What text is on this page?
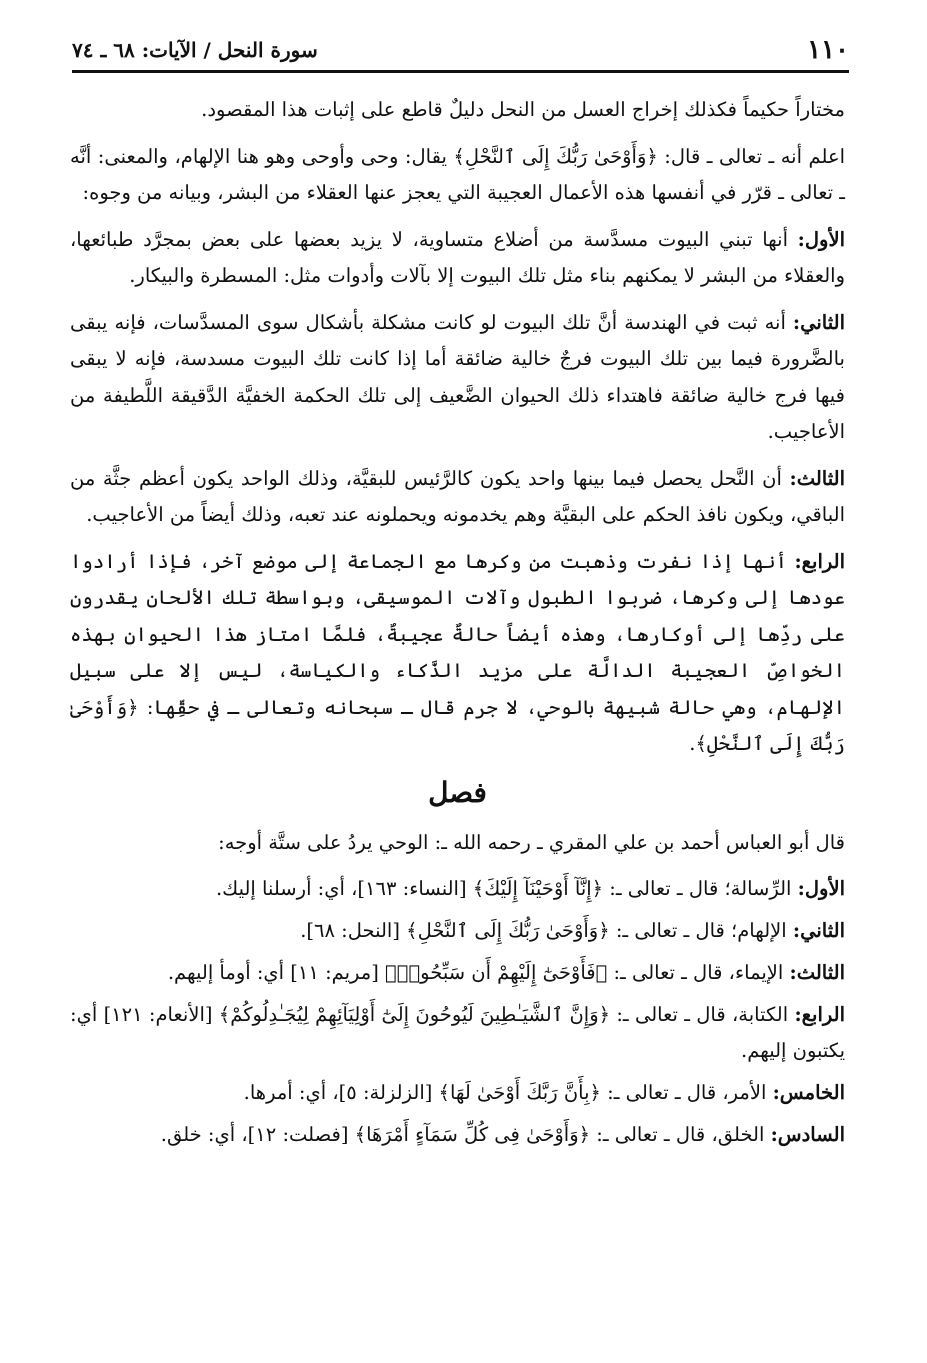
١١٠
سورة النحل / الآيات: ٦٨ ـ ٧٤

مختاراً حكيماً فكذلك إخراج العسل من النحل دليلٌ قاطع على إثبات هذا المقصود.

اعلم أنه ـ تعالى ـ قال: ﴿وَأَوْحَىٰ رَبُّكَ إِلَى ٱلنَّحْلِ﴾ يقال: وحى وأوحى وهو هنا الإلهام، والمعنى: أنَّه ـ تعالى ـ قرّر في أنفسها هذه الأعمال العجيبة التي يعجز عنها العقلاء من البشر، وبيانه من وجوه:

الأول: أنها تبني البيوت مسدَّسة من أضلاع متساوية، لا يزيد بعضها على بعض بمجرَّد طبائعها، والعقلاء من البشر لا يمكنهم بناء مثل تلك البيوت إلا بآلات وأدوات مثل: المسطرة والبيكار.

الثاني: أنه ثبت في الهندسة أنَّ تلك البيوت لو كانت مشكلة بأشكال سوى المسدَّسات، فإنه يبقى بالضَّرورة فيما بين تلك البيوت فرجٌ خالية ضائقة أما إذا كانت تلك البيوت مسدسة، فإنه لا يبقى فيها فرج خالية ضائقة فاهتداء ذلك الحيوان الضَّعيف إلى تلك الحكمة الخفيَّة الدَّقيقة اللَّطيفة من الأعاجيب.

الثالث: أن النَّحل يحصل فيما بينها واحد يكون كالرَّئيس للبقيَّة، وذلك الواحد يكون أعظم جثَّة من الباقي، ويكون نافذ الحكم على البقيَّة وهم يخدمونه ويحملونه عند تعبه، وذلك أيضاً من الأعاجيب.

الرابع: أنها إذا نفرت وذهبت من وكرها مع الجماعة إلى موضع آخر، فإذا أرادوا عودها إلى وكرها، ضربوا الطبول وآلات الموسيقى، وبواسطة تلك الألحان يقدرون على ردِّها إلى أوكارها، وهذه أيضاً حالةٌ عجيبةٌ، فلمَّا امتاز هذا الحيوان بهذه الخواصِّ العجيبة الدالَّة على مزيد الذَّكاء والكياسة، ليس إلا على سبيل الإلهام، وهي حالة شبيهة بالوحي، لا جرم قال ـ سبحانه وتعالى ـ في حقِّها: ﴿وَأَوْحَىٰ رَبُّكَ إِلَى ٱلنَّحْلِ﴾.

فصل

قال أبو العباس أحمد بن علي المقري ـ رحمه الله ـ: الوحي يردُ على ستَّة أوجه:

الأول: الرِّسالة؛ قال ـ تعالى ـ: ﴿إِنَّآ أَوْحَيْنَآ إِلَيْكَ﴾ [النساء: ١٦٣]، أي: أرسلنا إليك.

الثاني: الإلهام؛ قال ـ تعالى ـ: ﴿وَأَوْحَىٰ رَبُّكَ إِلَى ٱلنَّحْلِ﴾ [النحل: ٦٨].

الثالث: الإيماء، قال ـ تعالى ـ: ﴿فَأَوْحَىٰٓ إِلَيْهِمْ أَن سَبِّحُوا۟﴾ [مريم: ١١] أي: أومأ إليهم.

الرابع: الكتابة، قال ـ تعالى ـ: ﴿وَإِنَّ ٱلشَّيَـٰطِينَ لَيُوحُونَ إِلَىٰٓ أَوْلِيَآئِهِمْ لِيُجَـٰدِلُوكُمْ﴾ [الأنعام: ١٢١] أي: يكتبون إليهم.

الخامس: الأمر، قال ـ تعالى ـ: ﴿بِأَنَّ رَبَّكَ أَوْحَىٰ لَهَا﴾ [الزلزلة: ٥]، أي: أمرها.

السادس: الخلق، قال ـ تعالى ـ: ﴿وَأَوْحَىٰ فِى كُلِّ سَمَآءٍ أَمْرَهَا﴾ [فصلت: ١٢]، أي: خلق.
